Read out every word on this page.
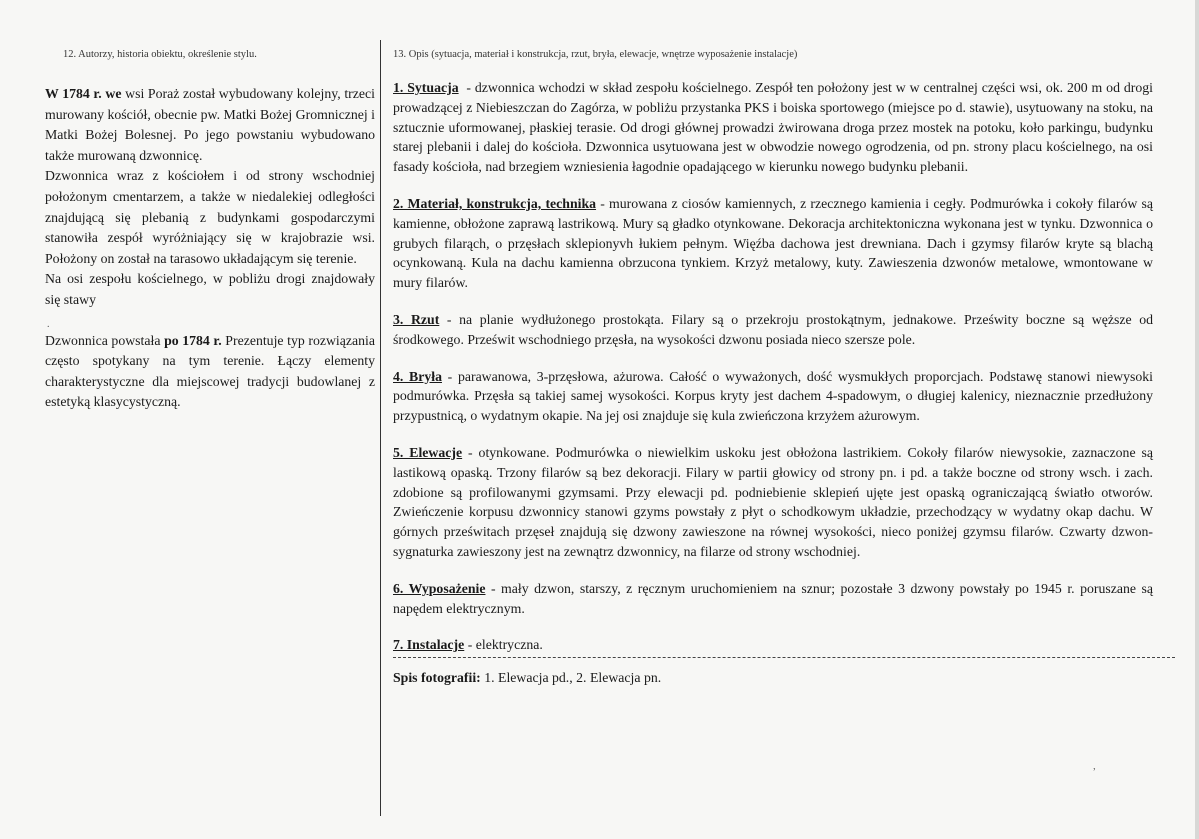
12. Autorzy, historia obiektu, określenie stylu.

W 1784 r. we wsi Poraż został wybudowany kolejny, trzeci murowany kościół, obecnie pw. Matki Bożej Gromnicznej i Matki Bożej Bolesnej. Po jego powstaniu wybudowano także murowaną dzwonnicę.

Dzwonnica wraz z kościołem i od strony wschodniej położonym cmentarzem, a także w niedalekiej odległości znajdującą się plebanią z budynkami gospodarczymi stanowiła zespół wyróżniający się w krajobrazie wsi. Położony on został na tarasowo układającym się terenie.

Na osi zespołu kościelnego, w pobliżu drogi znajdowały się stawy

.

Dzwonnica powstała po 1784 r. Prezentuje typ rozwiązania często spotykany na tym terenie. Łączy elementy charakterystyczne dla miejscowej tradycji budowlanej z estetyką klasycystyczną.

13. Opis (sytuacja, materiał i konstrukcja, rzut, bryła, elewacje, wnętrze wyposażenie instalacje)

1. Sytuacja - dzwonnica wchodzi w skład zespołu kościelnego. Zespół ten położony jest w w centralnej części wsi, ok. 200 m od drogi prowadzącej z Niebieszczan do Zagórza, w pobliżu przystanka PKS i boiska sportowego (miejsce po d. stawie), usytuowany na stoku, na sztucznie uformowanej, płaskiej terasie. Od drogi głównej prowadzi żwirowana droga przez mostek na potoku, koło parkingu, budynku starej plebanii i dalej do kościoła. Dzwonnica usytuowana jest w obwodzie nowego ogrodzenia, od pn. strony placu kościelnego, na osi fasady kościoła, nad brzegiem wzniesienia łagodnie opadającego w kierunku nowego budynku plebanii.

2. Materiał, konstrukcja, technika - murowana z ciosów kamiennych, z rzecznego kamienia i cegły. Podmurówka i cokoły filarów są kamienne, obłożone zaprawą lastrikową. Mury są gładko otynkowane. Dekoracja architektoniczna wykonana jest w tynku. Dzwonnica o grubych filarąch, o przęsłach sklepionyvh łukiem pełnym. Więźba dachowa jest drewniana. Dach i gzymsy filarów kryte są blachą ocynkowaną. Kula na dachu kamienna obrzucona tynkiem. Krzyż metalowy, kuty. Zawieszenia dzwonów metalowe, wmontowane w mury filarów.

3. Rzut - na planie wydłużonego prostokąta. Filary są o przekroju prostokątnym, jednakowe. Prześwity boczne są węższe od środkowego. Prześwit wschodniego przęsła, na wysokości dzwonu posiada nieco szersze pole.

4. Bryła - parawanowa, 3-przęsłowa, ażurowa. Całość o wyważonych, dość wysmukłych proporcjach. Podstawę stanowi niewysoki podmurówka. Przęsła są takiej samej wysokości. Korpus kryty jest dachem 4-spadowym, o długiej kalenicy, nieznacznie przedłużony przypustnicą, o wydatnym okapie. Na jej osi znajduje się kula zwieńczona krzyżem ażurowym.

5. Elewacje - otynkowane. Podmurówka o niewielkim uskoku jest obłożona lastrikiem. Cokoły filarów niewysokie, zaznaczone są lastikową opaską. Trzony filarów są bez dekoracji. Filary w partii głowicy od strony pn. i pd. a także boczne od strony wsch. i zach. zdobione są profilowanymi gzymsami. Przy elewacji pd. podniebienie sklepień ujęte jest opaską ograniczającą światło otworów. Zwieńczenie korpusu dzwonnicy stanowi gzyms powstały z płyt o schodkowym układzie, przechodzący w wydatny okap dachu. W górnych prześwitach przęseł znajdują się dzwony zawieszone na równej wysokości, nieco poniżej gzymsu filarów. Czwarty dzwon-sygnaturka zawieszony jest na zewnątrz dzwonnicy, na filarze od strony wschodniej.

6. Wyposażenie - mały dzwon, starszy, z ręcznym uruchomieniem na sznur; pozostałe 3 dzwony powstały po 1945 r. poruszane są napędem elektrycznym.

7. Instalacje - elektryczna.

Spis fotografii: 1. Elewacja pd., 2. Elewacja pn.

,
